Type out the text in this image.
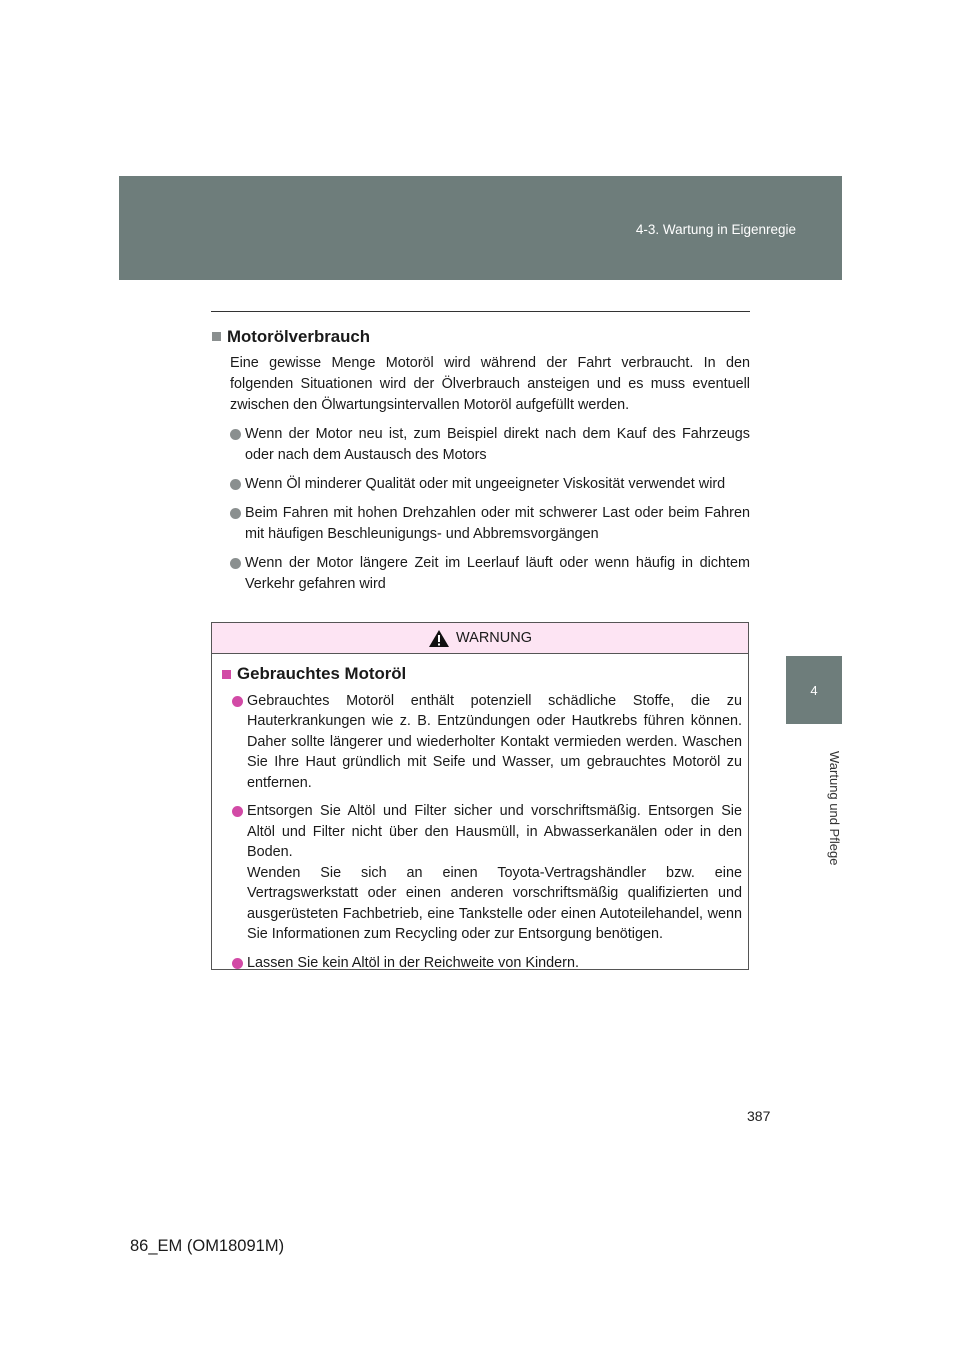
4-3. Wartung in Eigenregie
4
Wartung und Pflege
Motorölverbrauch

Eine gewisse Menge Motoröl wird während der Fahrt verbraucht. In den folgenden Situationen wird der Ölverbrauch ansteigen und es muss eventuell zwischen den Ölwartungsintervallen Motoröl aufgefüllt werden.

Wenn der Motor neu ist, zum Beispiel direkt nach dem Kauf des Fahrzeugs oder nach dem Austausch des Motors
Wenn Öl minderer Qualität oder mit ungeeigneter Viskosität verwendet wird
Beim Fahren mit hohen Drehzahlen oder mit schwerer Last oder beim Fahren mit häufigen Beschleunigungs- und Abbremsvorgängen
Wenn der Motor längere Zeit im Leerlauf läuft oder wenn häufig in dichtem Verkehr gefahren wird
WARNUNG
Gebrauchtes Motoröl
Gebrauchtes Motoröl enthält potenziell schädliche Stoffe, die zu Hauterkrankungen wie z. B. Entzündungen oder Hautkrebs führen können. Daher sollte längerer und wiederholter Kontakt vermieden werden. Waschen Sie Ihre Haut gründlich mit Seife und Wasser, um gebrauchtes Motoröl zu entfernen.
Entsorgen Sie Altöl und Filter sicher und vorschriftsmäßig. Entsorgen Sie Altöl und Filter nicht über den Hausmüll, in Abwasserkanälen oder in den Boden.
Wenden Sie sich an einen Toyota-Vertragshändler bzw. eine Vertragswerkstatt oder einen anderen vorschriftsmäßig qualifizierten und ausgerüsteten Fachbetrieb, eine Tankstelle oder einen Autoteilehandel, wenn Sie Informationen zum Recycling oder zur Entsorgung benötigen.
Lassen Sie kein Altöl in der Reichweite von Kindern.

387

86_EM (OM18091M)
